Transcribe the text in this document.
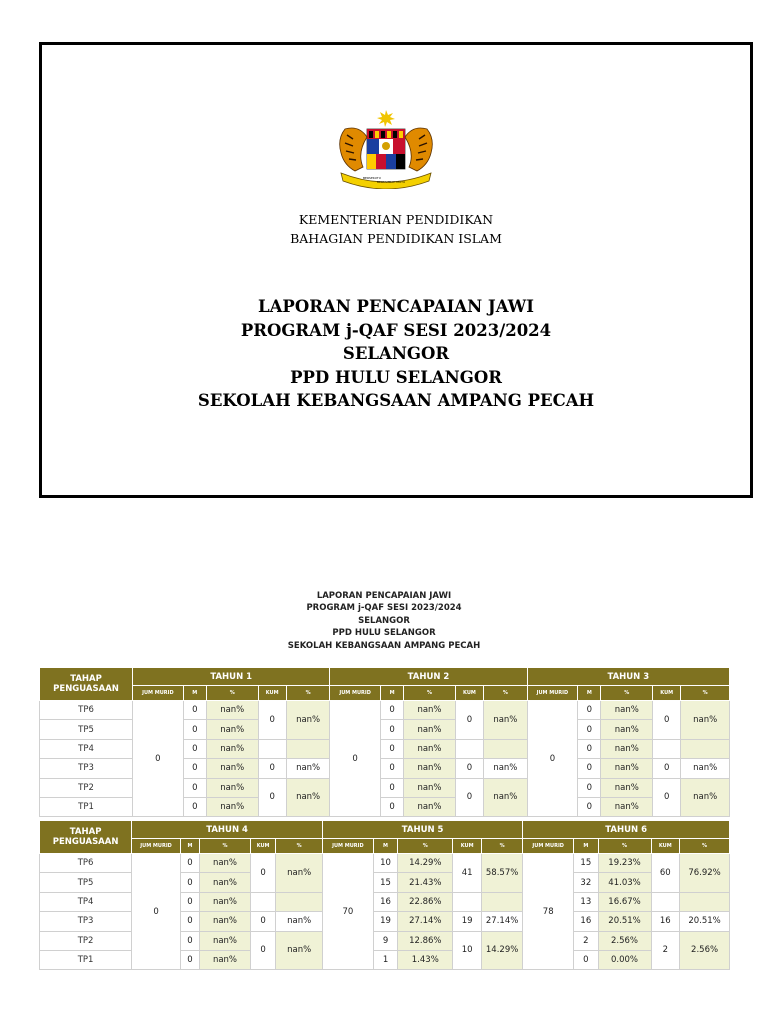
BERSEKUTU
BERTAMBAH MUTU
KEMENTERIAN PENDIDIKAN
BAHAGIAN PENDIDIKAN ISLAM
LAPORAN PENCAPAIAN JAWI
PROGRAM j-QAF SESI 2023/2024
SELANGOR
PPD HULU SELANGOR
SEKOLAH KEBANGSAAN AMPANG PECAH
LAPORAN PENCAPAIAN JAWI
PROGRAM j-QAF SESI 2023/2024
SELANGOR
PPD HULU SELANGOR
SEKOLAH KEBANGSAAN AMPANG PECAH
TAHAP
PENGUASAAN	TAHUN 1					TAHUN 2					TAHUN 3				
	JUM MURID	M	%	KUM	%	JUM MURID	M	%	KUM	%	JUM MURID	M	%	KUM	%
TP6	0	0	nan%	0	nan%	0	0	nan%	0	nan%	0	0	nan%	0	nan%
TP5		0	nan%				0	nan%				0	nan%		
TP4		0	nan%				0	nan%				0	nan%		
TP3		0	nan%	0	nan%		0	nan%	0	nan%		0	nan%	0	nan%
TP2		0	nan%	0	nan%		0	nan%	0	nan%		0	nan%	0	nan%
TP1		0	nan%				0	nan%				0	nan%		
TAHAP
PENGUASAAN	TAHUN 4					TAHUN 5					TAHUN 6				
	JUM MURID	M	%	KUM	%	JUM MURID	M	%	KUM	%	JUM MURID	M	%	KUM	%
TP6	0	0	nan%	0	nan%	70	10	14.29%	41	58.57%	78	15	19.23%	60	76.92%
TP5		0	nan%				15	21.43%				32	41.03%		
TP4		0	nan%				16	22.86%				13	16.67%		
TP3		0	nan%	0	nan%		19	27.14%	19	27.14%		16	20.51%	16	20.51%
TP2		0	nan%	0	nan%		9	12.86%	10	14.29%		2	2.56%	2	2.56%
TP1		0	nan%				1	1.43%				0	0.00%		
